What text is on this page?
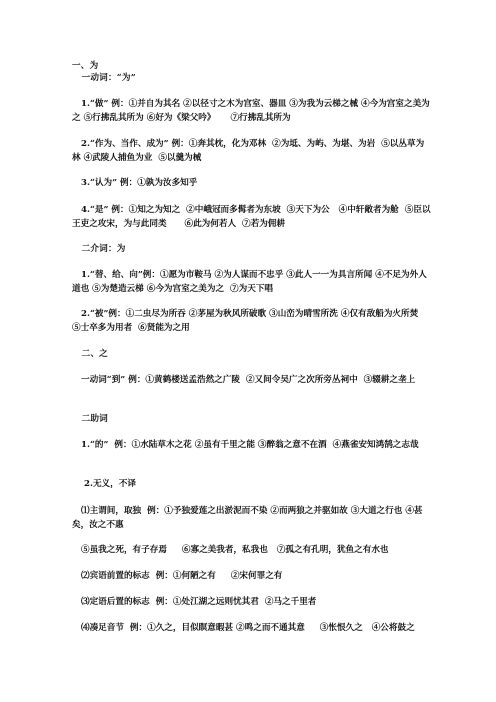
一、为

一动词：“为”

1.“做” 例：①并自为其名 ②以径寸之木为宫室、器皿 ③为我为云梯之械 ④今为宫室之美为之 ⑤行拂乱其所为 ⑥好为《梁父吟》     ⑦行拂乱其所为

2.“作为、当作、成为” 例：①奔其枕，化为邓林  ②为坻、为屿、为堪、为岩  ⑤以丛草为林 ④武陵人捕鱼为业  ⑤以羹为械

3.“认为” 例：①孰为汝多知乎

4.“是” 例：①知之为知之  ②中峨冠而多髯者为东坡  ③天下为公   ④中轩敞者为舱  ⑤臣以王吏之攻宋，为与此同类      ⑥此为何若人  ⑦若为佣耕

二介词：为

1.“替、给、向”例：①愿为市鞍马 ②为人谋而不忠乎 ③此人一一为具言所闻 ④不足为外人道也 ⑤为楚造云梯 ⑥今为宫室之美为之  ⑦为天下唱

2.“被”例：①二虫尽为所吞 ②茅屋为秋风所破歌 ③山峦为晴雪所洗 ④仅有敌船为火所焚  ⑤士卒多为用者  ⑥贤能为之用

二、之

一动词“到” 例：①黄鹤楼送孟浩然之广陵  ②又间令吴广之次所旁丛祠中  ③辍耕之垄上

二助词

1.“的”  例：①水陆草木之花 ②虽有千里之能 ③醉翁之意不在酒  ④燕雀安知鸿鹄之志哉

2.无义，不译

⑴主谓间，取独  例：①予独爱莲之出淤泥而不染 ②而两狼之并驱如故 ③大道之行也 ④甚矣，汝之不惠

⑤虽我之死，有子存焉     ⑥寡之美我者，私我也   ⑦孤之有孔明，犹鱼之有水也

⑵宾语前置的标志  例：①何陋之有     ②宋何罪之有

⑶定语后置的标志  例：①处江湖之远则忧其君  ②马之千里者

⑷凑足音节  例：①久之，目似瞑意暇甚 ②鸣之而不通其意     ③怅恨久之   ④公将鼓之
